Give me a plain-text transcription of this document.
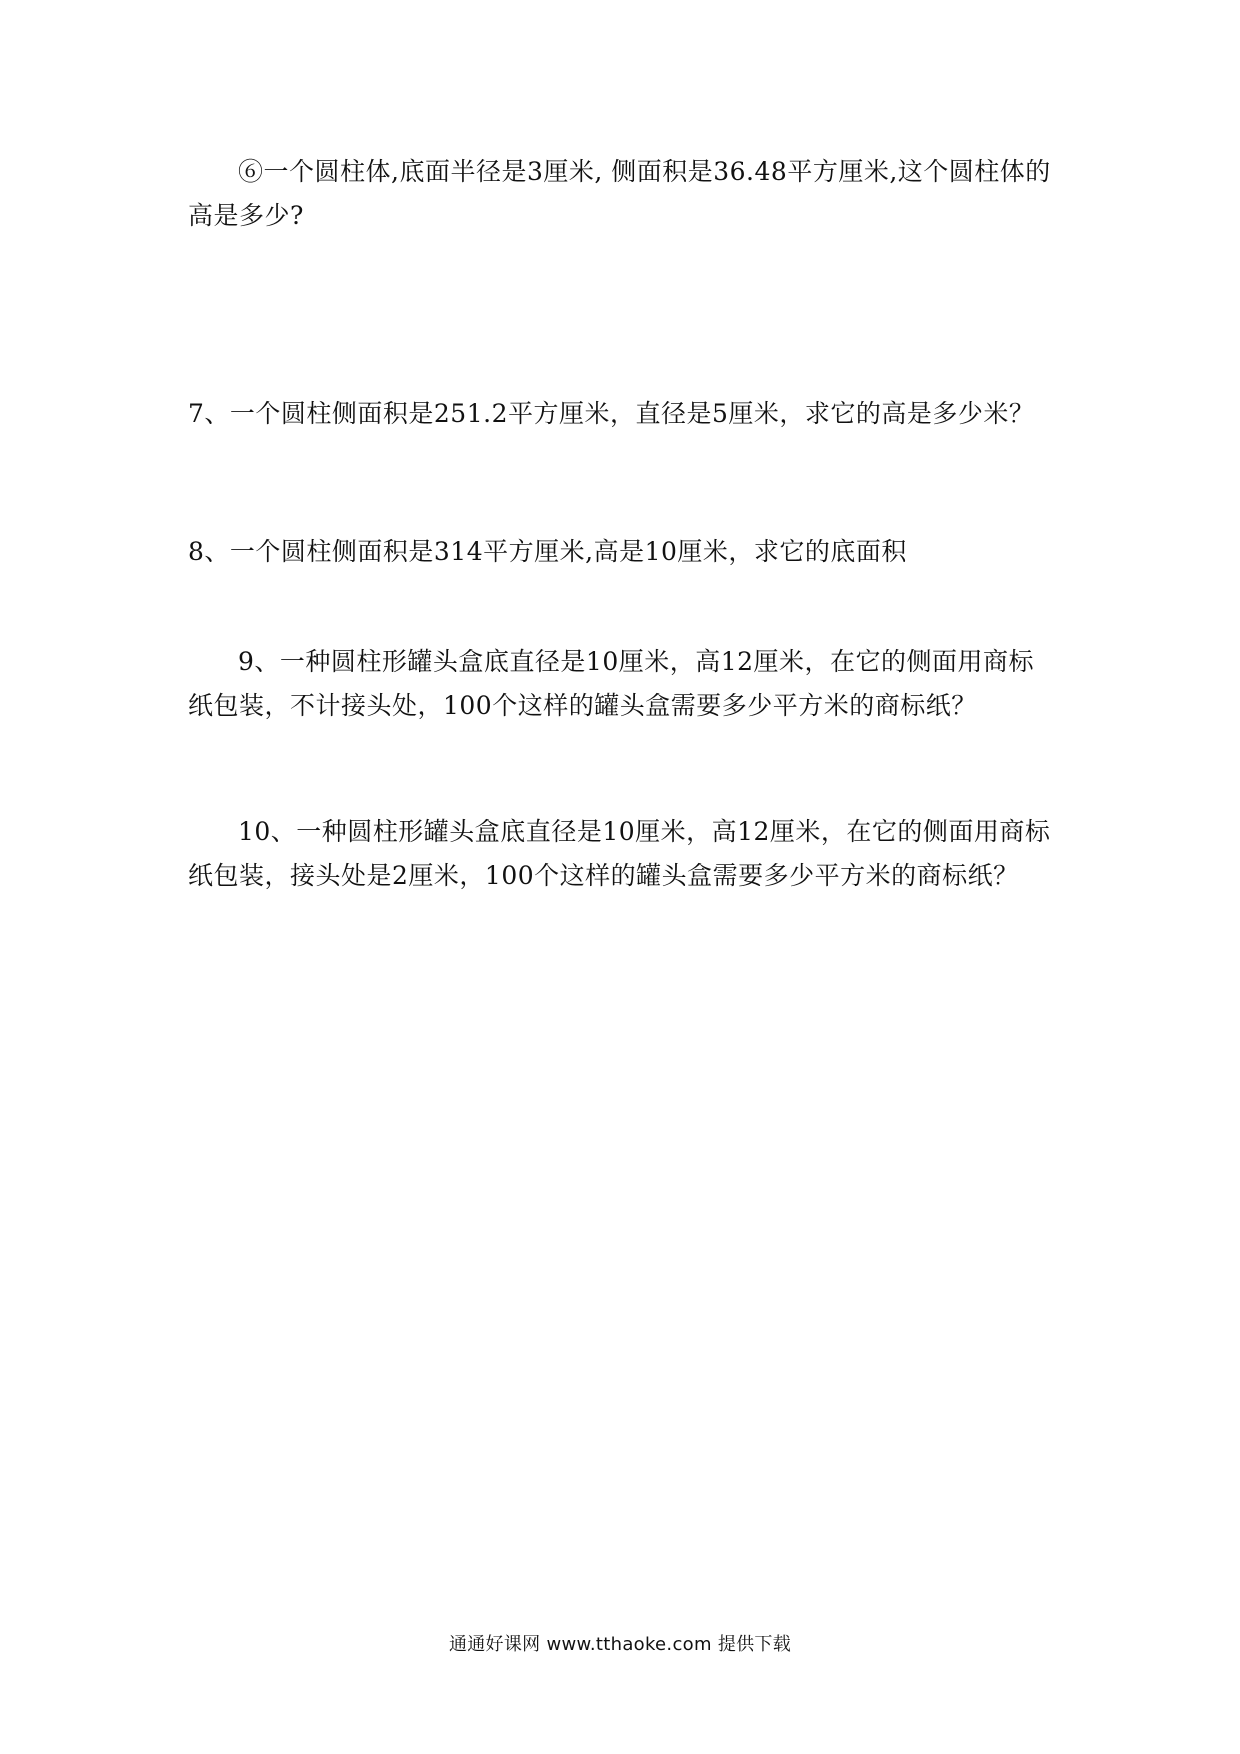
⑥一个圆柱体,底面半径是3厘米, 侧面积是36.48平方厘米,这个圆柱体的高是多少?

7、一个圆柱侧面积是251.2平方厘米，直径是5厘米，求它的高是多少米？

8、一个圆柱侧面积是314平方厘米,高是10厘米，求它的底面积

9、一种圆柱形罐头盒底直径是10厘米，高12厘米，在它的侧面用商标纸包装，不计接头处，100个这样的罐头盒需要多少平方米的商标纸？

10、一种圆柱形罐头盒底直径是10厘米，高12厘米，在它的侧面用商标纸包装，接头处是2厘米，100个这样的罐头盒需要多少平方米的商标纸？

通通好课网 www.tthaoke.com 提供下载
